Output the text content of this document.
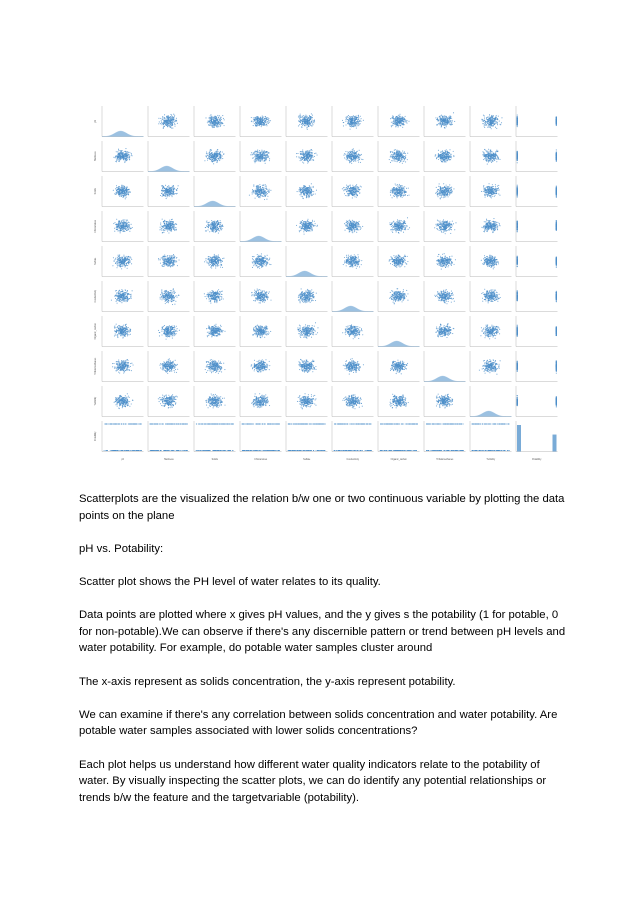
ph
ph
Hardness
Hardness
Solids
Solids
Chloramines
Chloramines
Sulfate
Sulfate
Conductivity
Conductivity
Organic_carbon
Organic_carbon
Trihalomethanes
Trihalomethanes
Turbidity
Turbidity
Potability
Potability

Scatterplots are the visualized the relation b/w one or two continuous variable by plotting the data points on the plane

pH vs. Potability:

Scatter plot shows the PH level of water relates to its quality.

Data points are plotted where x gives pH values, and the y gives s the potability (1 for potable, 0 for non-potable).We can observe if there's any discernible pattern or trend between pH levels and water potability. For example, do potable water samples cluster around

The x-axis represent as solids concentration, the y-axis represent potability.

We can examine if there's any correlation between solids concentration and water potability. Are potable water samples associated with lower solids concentrations?

Each plot helps us understand how different water quality indicators relate to the potability of water. By visually inspecting the scatter plots, we can do identify any potential relationships or trends b/w the feature and the targetvariable (potability).
